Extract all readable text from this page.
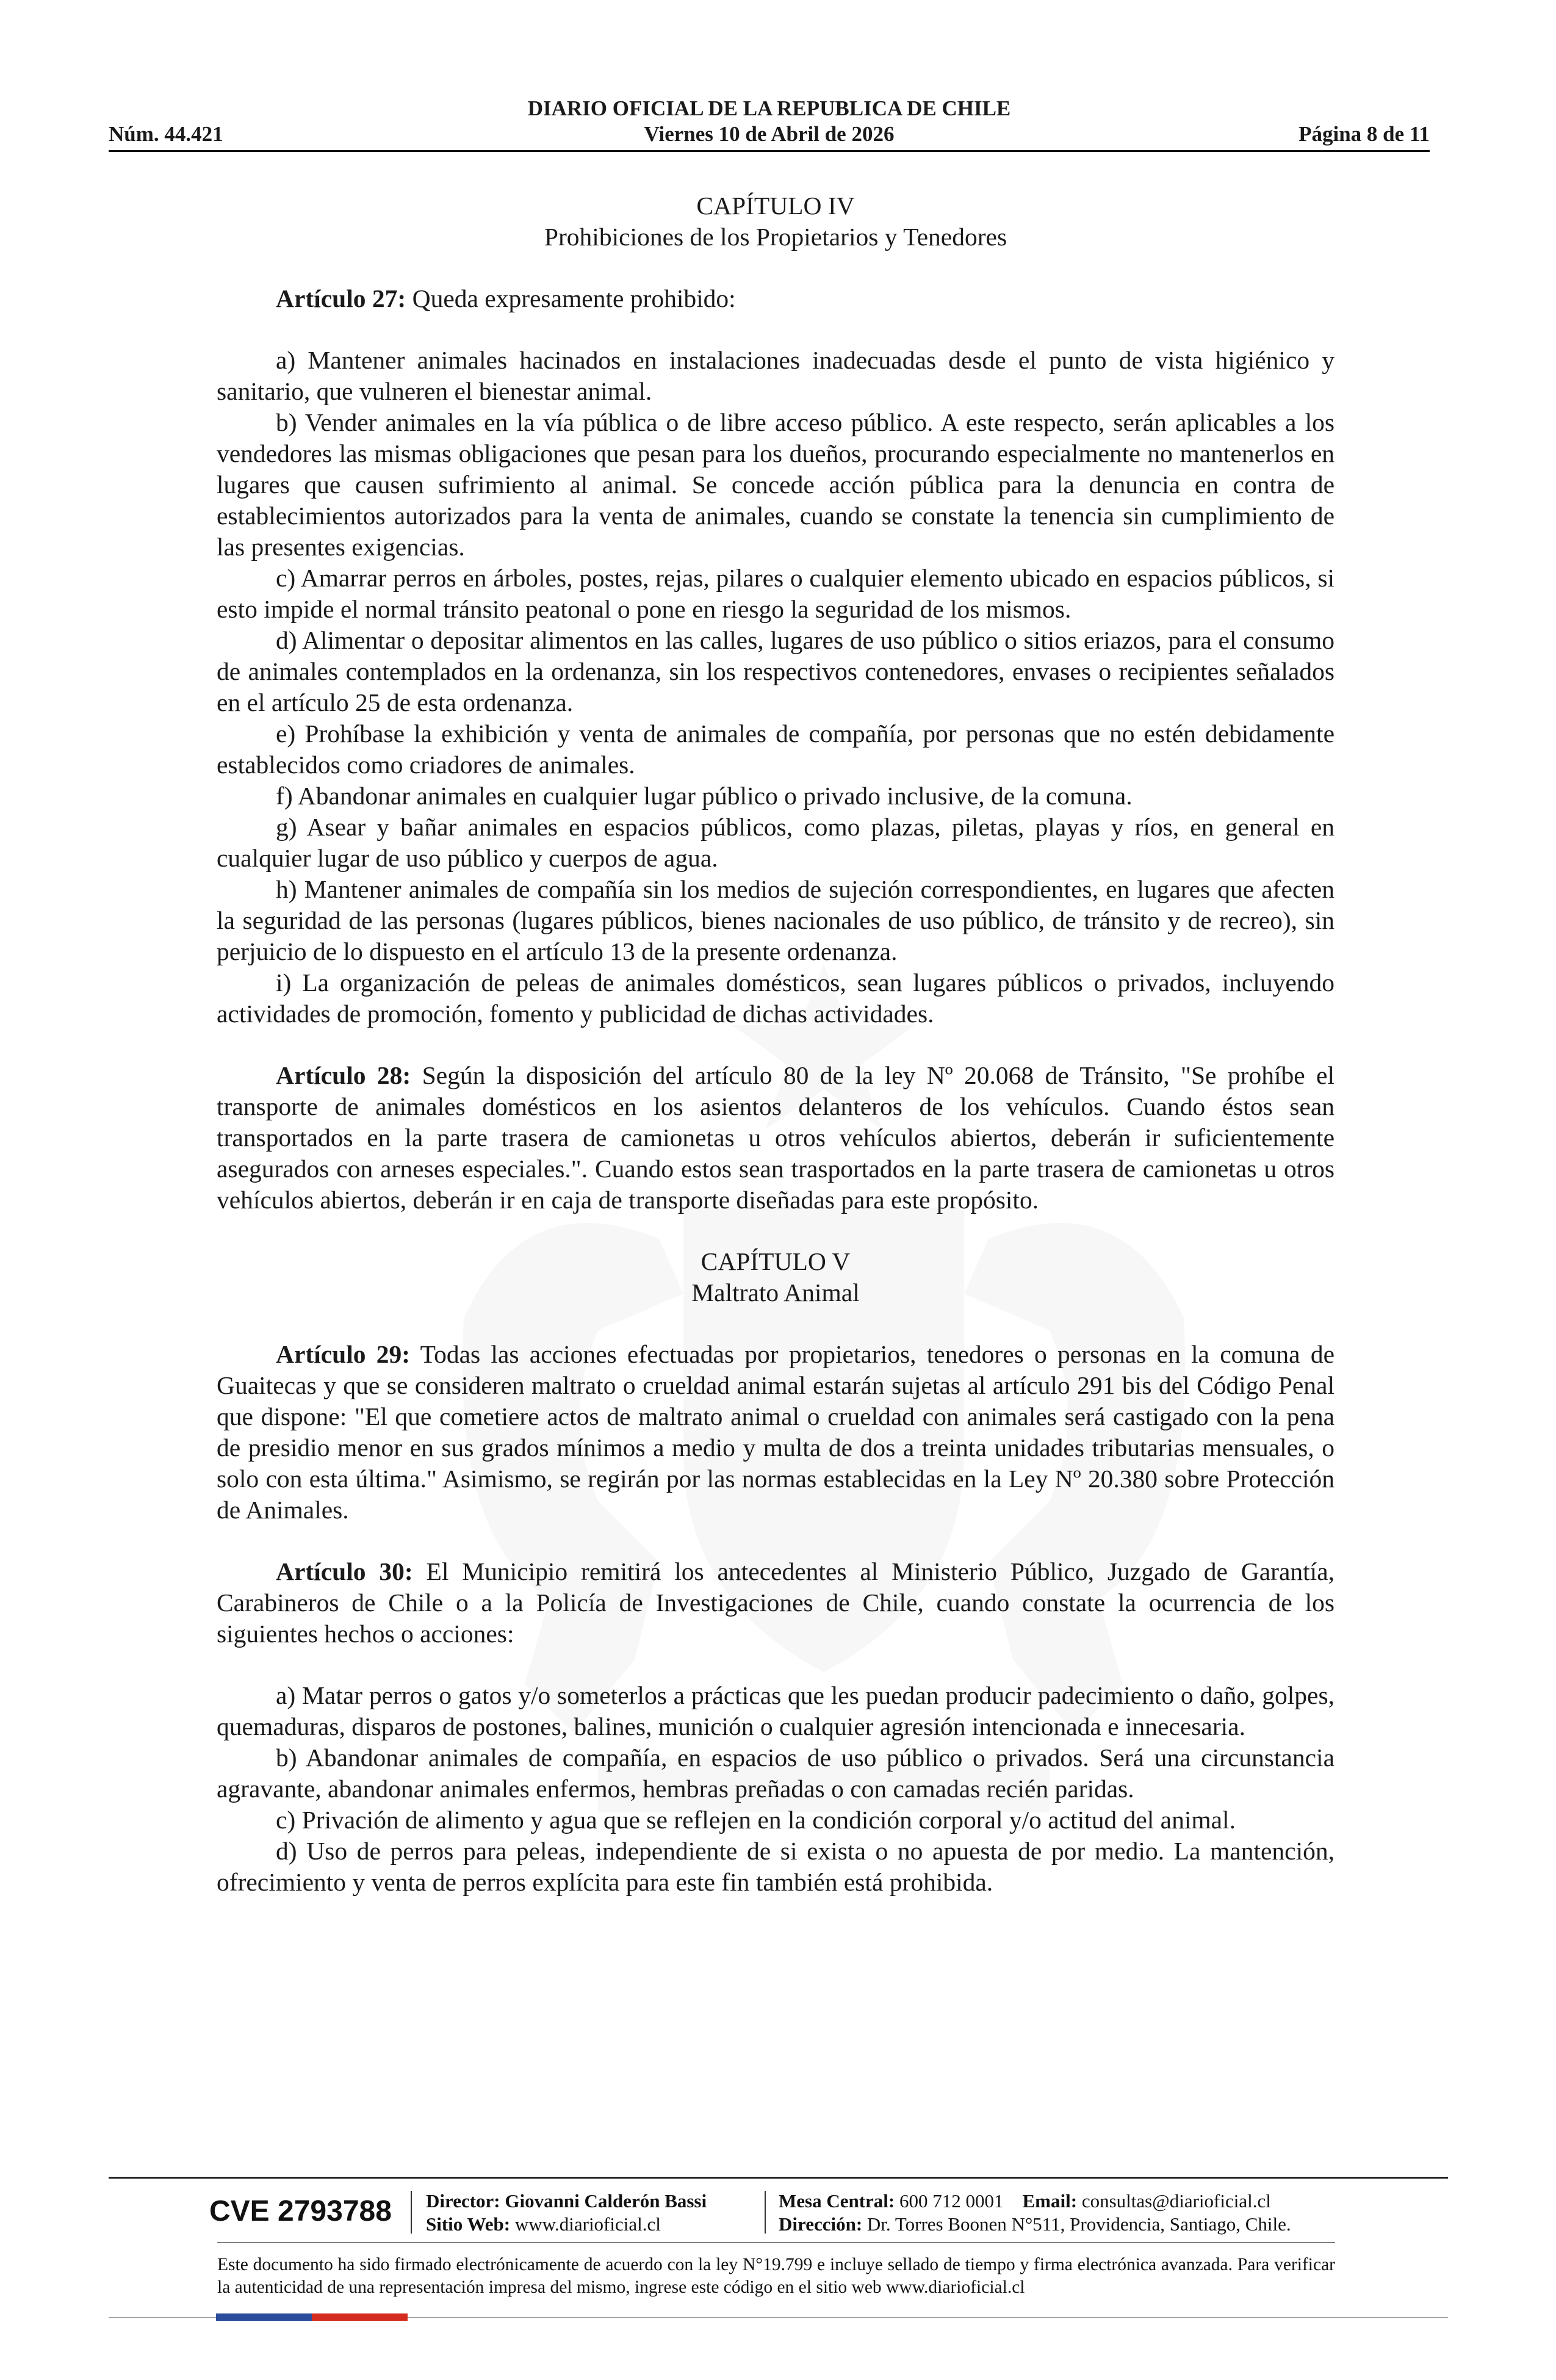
DIARIO OFICIAL DE LA REPUBLICA DE CHILE
Núm. 44.421	Viernes 10 de Abril de 2026	Página 8 de 11
CAPÍTULO IV
Prohibiciones de los Propietarios y Tenedores

Artículo 27: Queda expresamente prohibido:

a) Mantener animales hacinados en instalaciones inadecuadas desde el punto de vista higiénico y sanitario, que vulneren el bienestar animal.

b) Vender animales en la vía pública o de libre acceso público. A este respecto, serán aplicables a los vendedores las mismas obligaciones que pesan para los dueños, procurando especialmente no mantenerlos en lugares que causen sufrimiento al animal. Se concede acción pública para la denuncia en contra de establecimientos autorizados para la venta de animales, cuando se constate la tenencia sin cumplimiento de las presentes exigencias.

c) Amarrar perros en árboles, postes, rejas, pilares o cualquier elemento ubicado en espacios públicos, si esto impide el normal tránsito peatonal o pone en riesgo la seguridad de los mismos.

d) Alimentar o depositar alimentos en las calles, lugares de uso público o sitios eriazos, para el consumo de animales contemplados en la ordenanza, sin los respectivos contenedores, envases o recipientes señalados en el artículo 25 de esta ordenanza.

e) Prohíbase la exhibición y venta de animales de compañía, por personas que no estén debidamente establecidos como criadores de animales.

f) Abandonar animales en cualquier lugar público o privado inclusive, de la comuna.

g) Asear y bañar animales en espacios públicos, como plazas, piletas, playas y ríos, en general en cualquier lugar de uso público y cuerpos de agua.

h) Mantener animales de compañía sin los medios de sujeción correspondientes, en lugares que afecten la seguridad de las personas (lugares públicos, bienes nacionales de uso público, de tránsito y de recreo), sin perjuicio de lo dispuesto en el artículo 13 de la presente ordenanza.

i) La organización de peleas de animales domésticos, sean lugares públicos o privados, incluyendo actividades de promoción, fomento y publicidad de dichas actividades.

Artículo 28: Según la disposición del artículo 80 de la ley Nº 20.068 de Tránsito, "Se prohíbe el transporte de animales domésticos en los asientos delanteros de los vehículos. Cuando éstos sean transportados en la parte trasera de camionetas u otros vehículos abiertos, deberán ir suficientemente asegurados con arneses especiales.". Cuando estos sean trasportados en la parte trasera de camionetas u otros vehículos abiertos, deberán ir en caja de transporte diseñadas para este propósito.

CAPÍTULO V
Maltrato Animal

Artículo 29: Todas las acciones efectuadas por propietarios, tenedores o personas en la comuna de Guaitecas y que se consideren maltrato o crueldad animal estarán sujetas al artículo 291 bis del Código Penal que dispone: "El que cometiere actos de maltrato animal o crueldad con animales será castigado con la pena de presidio menor en sus grados mínimos a medio y multa de dos a treinta unidades tributarias mensuales, o solo con esta última." Asimismo, se regirán por las normas establecidas en la Ley Nº 20.380 sobre Protección de Animales.

Artículo 30: El Municipio remitirá los antecedentes al Ministerio Público, Juzgado de Garantía, Carabineros de Chile o a la Policía de Investigaciones de Chile, cuando constate la ocurrencia de los siguientes hechos o acciones:

a) Matar perros o gatos y/o someterlos a prácticas que les puedan producir padecimiento o daño, golpes, quemaduras, disparos de postones, balines, munición o cualquier agresión intencionada e innecesaria.

b) Abandonar animales de compañía, en espacios de uso público o privados. Será una circunstancia agravante, abandonar animales enfermos, hembras preñadas o con camadas recién paridas.

c) Privación de alimento y agua que se reflejen en la condición corporal y/o actitud del animal.

d) Uso de perros para peleas, independiente de si exista o no apuesta de por medio. La mantención, ofrecimiento y venta de perros explícita para este fin también está prohibida.

CVE 2793788 Director: Giovanni Calderón Bassi
Sitio Web: www.diarioficial.cl
Mesa Central: 600 712 0001 Email: consultas@diarioficial.cl
Dirección: Dr. Torres Boonen N°511, Providencia, Santiago, Chile.
Este documento ha sido firmado electrónicamente de acuerdo con la ley N°19.799 e incluye sellado de tiempo y firma electrónica avanzada. Para verificar la autenticidad de una representación impresa del mismo, ingrese este código en el sitio web www.diarioficial.cl
